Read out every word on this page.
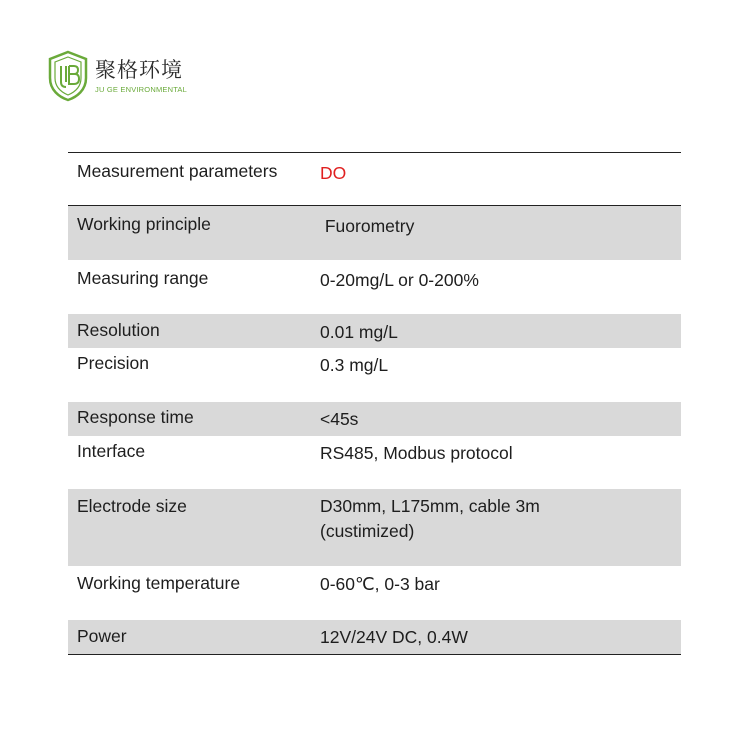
聚格环境
JU GE ENVIRONMENTAL
Measurement parameters	DO
Working principle	Fuorometry
Measuring range	0-20mg/L or 0-200%
Resolution	0.01 mg/L
Precision	0.3 mg/L
Response time	<45s
Interface	RS485, Modbus protocol
Electrode size	D30mm, L175mm, cable 3m
(custimized)
Working temperature	0-60℃, 0-3 bar
Power	12V/24V DC, 0.4W
